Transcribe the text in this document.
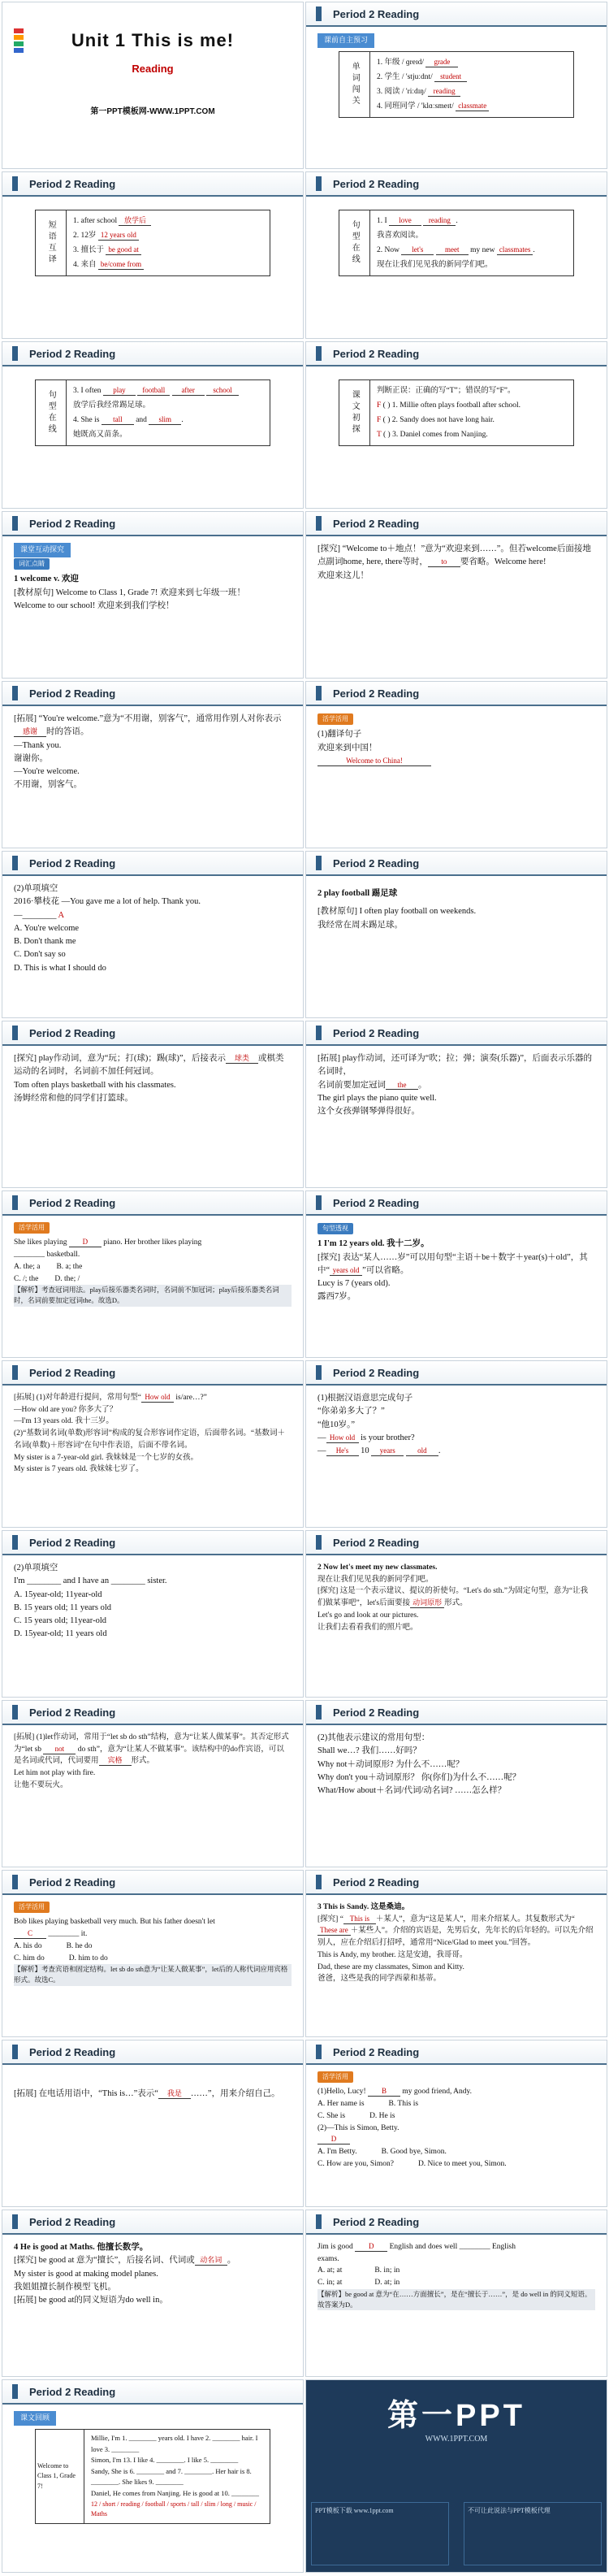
Unit 1 This is me!
Reading
第一PPT模板网-WWW.1PPT.COM
Period 2 Reading
课前自主预习
单词闯关	1. 年级 / ɡreɪd/ grade
2. 学生 / 'stjuːdnt/ student
3. 阅读 / 'riːdɪŋ/ reading
4. 同班同学 / 'klɑːsmeɪt/ classmate
Period 2 Reading
短语互译	1. after school 放学后
2. 12岁 12 years old
3. 擅长于 be good at
4. 来自 be/come from
Period 2 Reading
句型在线	1. I love reading .
我喜欢阅读。
2. Now let's	meet my new classmates .
现在让我们见见我的新同学们吧。
Period 2 Reading
句型在线	3. I often play football after school
放学后我经常踢足球。
4. She is tall and slim .
她既高又苗条。
Period 2 Reading
课文初探	判断正误：正确的写“T”；错误的写“F”。
F ( ) 1. Millie often plays football after school.
F ( ) 2. Sandy does not have long hair.
T ( ) 3. Daniel comes from Nanjing.
Period 2 Reading
课堂互动探究
词汇点睛
1 welcome v. 欢迎
[教材原句] Welcome to Class 1, Grade 7! 欢迎来到七年级一班！
Welcome to our school! 欢迎来到我们学校！
Period 2 Reading
[探究] “Welcome to＋地点！”意为“欢迎来到……”。但若welcome后面接地点副词home, here, there等时， to 要省略。Welcome here!
欢迎来这儿！
Period 2 Reading
[拓展] “You're welcome.”意为“不用谢，别客气”，通常用作别人对你表示感谢 时的答语。
—Thank you.
谢谢你。
—You're welcome.
不用谢，别客气。
Period 2 Reading
活学活用
(1)翻译句子
欢迎来到中国！
Welcome to China!
Period 2 Reading
(2)单项填空
2016·攀枝花 —You gave me a lot of help. Thank you.
—________ A
A. You're welcome
B. Don't thank me
C. Don't say so
D. This is what I should do
Period 2 Reading
2 play football 踢足球
[教材原句] I often play football on weekends.
我经常在周末踢足球。
Period 2 Reading
[探究] play作动词，意为“玩；打(球)；踢(球)”，后接表示 球类 或棋类运动的名词时，名词前不加任何冠词。
Tom often plays basketball with his classmates.
汤姆经常和他的同学们打篮球。
Period 2 Reading
[拓展] play作动词，还可译为“吹；拉；弹；演奏(乐器)”，后面表示乐器的名词时，
名词前要加定冠词 the 。
The girl plays the piano quite well.
这个女孩弹钢琴弹得很好。
Period 2 Reading
活学活用
She likes playing D piano. Her brother likes playing
________ basketball.
A. the; a B. a; the
C. /; the D. the; /
【解析】考查冠词用法。play后接乐器类名词时，名词前不加冠词；play后接乐器类名词时，名词前要加定冠词the。故选D。
Period 2 Reading
句型透视
1 I'm 12 years old. 我十二岁。
[探究] 表达“某人……岁”可以用句型“主语＋be＋数字＋year(s)＋old”，其中“ years old ”可以省略。
Lucy is 7 (years old).
露西7岁。
Period 2 Reading
[拓展] (1)对年龄进行提问，常用句型“ How old is/are…?”
—How old are you? 你多大了？
—I'm 13 years old. 我十三岁。
(2)“基数词名词(单数)形容词”构成的复合形容词作定语，后面带名词。“基数词＋名词(单数)＋形容词”在句中作表语，后面不带名词。
My sister is a 7-year-old girl. 我妹妹是一个七岁的女孩。
My sister is 7 years old. 我妹妹七岁了。
Period 2 Reading
(1)根据汉语意思完成句子
“你弟弟多大了？”
“他10岁。”
— How old is your brother?
— He's 10 years	old .
Period 2 Reading
(2)单项填空
I'm ________ and I have an ________ sister.
A. 15year-old; 11year-old
B. 15 years old; 11 years old
C. 15 years old; 11year-old
D. 15year-old; 11 years old
Period 2 Reading
2 Now let's meet my new classmates.
现在让我们见见我的新同学们吧。
[探究] 这是一个表示建议、提议的祈使句。“Let's do sth.”为固定句型，意为“让我们做某事吧”，let's后面要接 动词原形 形式。
Let's go and look at our pictures.
让我们去看看我们的照片吧。
Period 2 Reading
[拓展] (1)let作动词，常用于“let sb do sth”结构，意为“让某人做某事”。其否定形式为“let sb not do sth”，意为“让某人不做某事”。该结构中的do作宾语，可以是名词或代词，代词要用 宾格 形式。
Let him not play with fire.
让他不要玩火。
Period 2 Reading
(2)其他表示建议的常用句型：
Shall we…? 我们……好吗？
Why not＋动词原形? 为什么不……呢？
Why don't you＋动词原形？ 你(你们)为什么不……呢？
What/How about＋名词/代词/动名词? ……怎么样？
Period 2 Reading
活学活用
Bob likes playing basketball very much. But his father doesn't let
C ________ it.
A. his do	B. he do
C. him do	D. him to do
【解析】考查宾语和固定结构。let sb do sth意为“让某人做某事”，let后的人称代词应用宾格形式。故选C。
Period 2 Reading
3 This is Sandy. 这是桑迪。
[探究] “ This is ＋某人”，意为“这是某人”，用来介绍某人。其复数形式为“These are ＋某些人”。介绍的宾语是，先男后女，先年长的后年轻的。可以先介绍别人，应在介绍后打招呼，通常用“Nice/Glad to meet you.”回答。
This is Andy, my brother. 这是安迪，我哥哥。
Dad, these are my classmates, Simon and Kitty.
爸爸，这些是我的同学西蒙和基蒂。
Period 2 Reading
[拓展] 在电话用语中，“This is…”表示“ 我是 ……”，用来介绍自己。
Period 2 Reading
活学活用
(1)Hello, Lucy! B my good friend, Andy.
A. Her name is	B. This is
C. She is	D. He is
(2)—This is Simon, Betty.
D
A. I'm Betty.	B. Good bye, Simon.
C. How are you, Simon?	D. Nice to meet you, Simon.
Period 2 Reading
4 He is good at Maths. 他擅长数学。
[探究] be good at 意为“擅长”，后接名词、代词或 动名词 。
My sister is good at making model planes.
我姐姐擅长制作模型飞机。
[拓展] be good at的同义短语为do well in。
Period 2 Reading
Jim is good D English and does well ________ English
exams.
A. at; at	B. in; in
C. in; at	D. at; in
【解析】be good at 意为“在……方面擅长”，是在“擅长于……”，是 do well in 的同义短语。故答案为D。
Period 2 Reading
课文回顾
Welcome to Class 1, Grade 7!
Millie, I'm 1. ________ years old. I have 2. ________ hair. I love 3. ________
Simon, I'm 13. I like 4. ________. I like 5. ________
Sandy, She is 6. ________ and 7. ________. Her hair is 8. ________. She likes 9. ________
Daniel, He comes from Nanjing. He is good at 10. ________
12 / short / reading / football / sports / tall / slim / long / music / Maths
第一PPT
WWW.1PPT.COM
PPT模板下载 www.1ppt.com	不可让此说法与PPT模板代理
